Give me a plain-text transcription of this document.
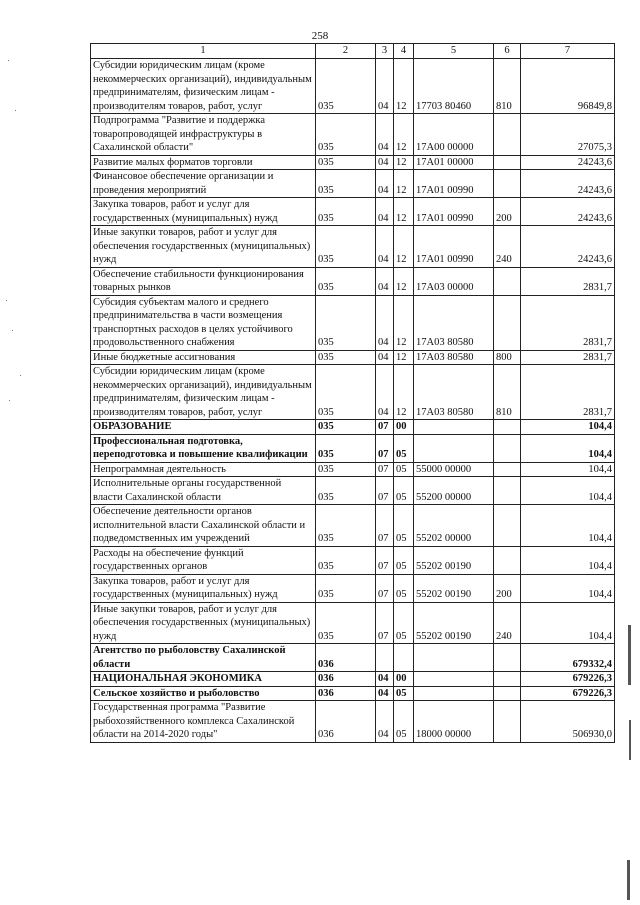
258
1	2	3	4	5	6	7
Субсидии юридическим лицам (кроме некоммерческих организаций), индивидуальным предпринимателям, физическим лицам - производителям товаров, работ, услуг	035	04	12	17703 80460	810	96849,8
Подпрограмма "Развитие и поддержка товаропроводящей инфраструктуры в Сахалинской области"	035	04	12	17А00 00000		27075,3
Развитие малых форматов торговли	035	04	12	17А01 00000		24243,6
Финансовое обеспечение организации и проведения мероприятий	035	04	12	17А01 00990		24243,6
Закупка товаров, работ и услуг для государственных (муниципальных) нужд	035	04	12	17А01 00990	200	24243,6
Иные закупки товаров, работ и услуг для обеспечения государственных (муниципальных) нужд	035	04	12	17А01 00990	240	24243,6
Обеспечение стабильности функционирования товарных рынков	035	04	12	17А03 00000		2831,7
Субсидия субъектам малого и среднего предпринимательства в части возмещения транспортных расходов в целях устойчивого продовольственного снабжения	035	04	12	17А03 80580		2831,7
Иные бюджетные ассигнования	035	04	12	17А03 80580	800	2831,7
Субсидии юридическим лицам (кроме некоммерческих организаций), индивидуальным предпринимателям, физическим лицам - производителям товаров, работ, услуг	035	04	12	17А03 80580	810	2831,7
ОБРАЗОВАНИЕ	035	07	00			104,4
Профессиональная подготовка, переподготовка и повышение квалификации	035	07	05			104,4
Непрограммная деятельность	035	07	05	55000 00000		104,4
Исполнительные органы государственной власти Сахалинской области	035	07	05	55200 00000		104,4
Обеспечение деятельности органов исполнительной власти Сахалинской области и подведомственных им учреждений	035	07	05	55202 00000		104,4
Расходы на обеспечение функций государственных органов	035	07	05	55202 00190		104,4
Закупка товаров, работ и услуг для государственных (муниципальных) нужд	035	07	05	55202 00190	200	104,4
Иные закупки товаров, работ и услуг для обеспечения государственных (муниципальных) нужд	035	07	05	55202 00190	240	104,4
Агентство по рыболовству Сахалинской области	036					679332,4
НАЦИОНАЛЬНАЯ ЭКОНОМИКА	036	04	00			679226,3
Сельское хозяйство и рыболовство	036	04	05			679226,3
Государственная программа "Развитие рыбохозяйственного комплекса Сахалинской области на 2014-2020 годы"	036	04	05	18000 00000		506930,0
